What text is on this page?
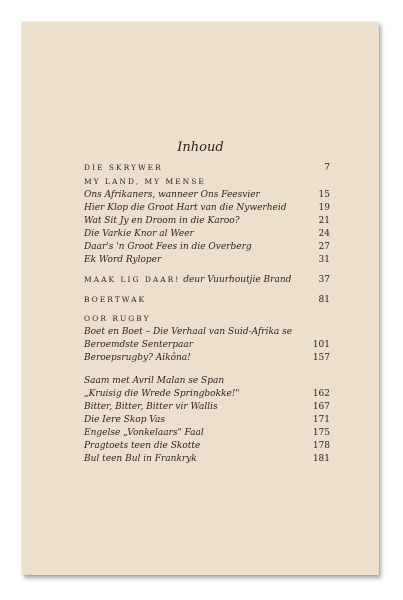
Inhoud
DIE SKRYWER	7
MY LAND, MY MENSE
Ons Afrikaners, wanneer Ons Feesvier	15
Hier Klop die Groot Hart van die Nywerheid	19
Wat Sit Jy en Droom in die Karoo?	21
Die Varkie Knor al Weer	24
Daar's 'n Groot Fees in die Overberg	27
Ek Word Ryloper	31
MAAK LIG DAAR! deur Vuurhoutjie Brand	37
BOERTWAK	81
OOR RUGBY
Boet en Boet – Die Verhaal van Suid-Afrika se
Beroemdste Senterpaar	101
Beroepsrugby? Aikôna!	157
Saam met Avril Malan se Span
„Kruisig die Wrede Springbokke!"	162
Bitter, Bitter, Bitter vir Wallis	167
Die Iere Skop Vas	171
Engelse „Vonkelaars" Faal	175
Pragtoets teen die Skotte	178
Bul teen Bul in Frankryk	181
